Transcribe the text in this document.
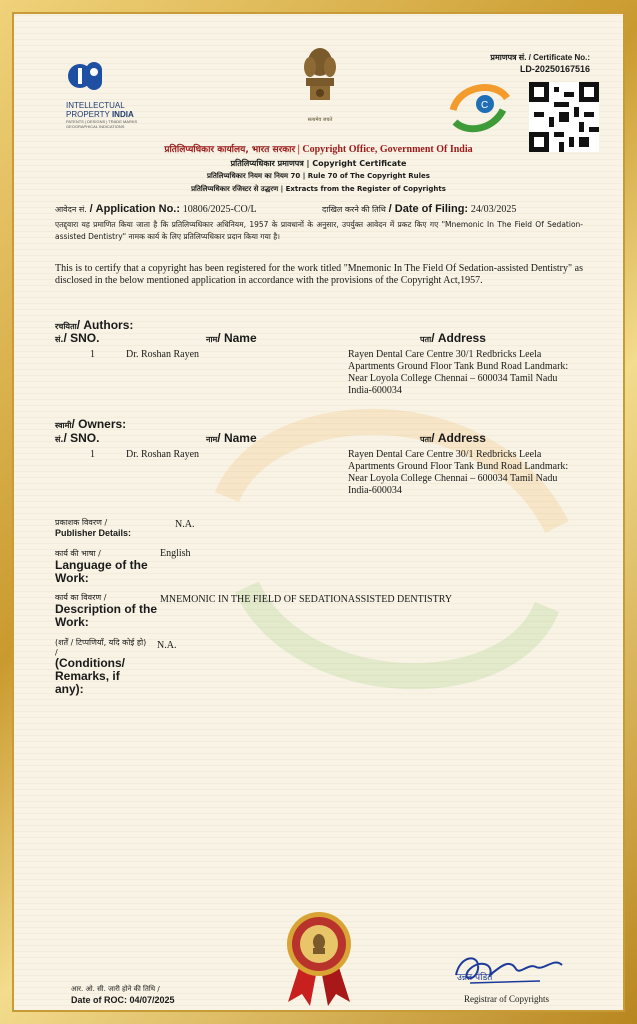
INTELLECTUAL
PROPERTY INDIA
PATENTS | DESIGNS | TRADE MARKS
GEOGRAPHICAL INDICATIONS
सत्यमेव जयते
प्रमाणपत्र सं. / Certificate No.:
LD-20250167516
C
प्रतिलिप्यधिकार कार्यालय, भारत सरकार | Copyright Office, Government Of India
प्रतिलिप्यधिकार प्रमाणपत्र | Copyright Certificate
प्रतिलिप्यधिकार नियम का नियम 70 | Rule 70 of The Copyright Rules
प्रतिलिप्यधिकार रजिस्टर से उद्धरण | Extracts from the Register of Copyrights
आवेदन सं. / Application No.: 10806/2025-CO/L	दाखिल करने की तिथि / Date of Filing: 24/03/2025
एतद्द्वारा यह प्रमाणित किया जाता है कि प्रतिलिप्यधिकार अधिनियम, 1957 के प्रावधानों के अनुसार, उपर्युक्त आवेदन में प्रकट किए गए "Mnemonic In The Field Of Sedation-assisted Dentistry" नामक कार्य के लिए प्रतिलिप्यधिकार प्रदान किया गया है।
This is to certify that a copyright has been registered for the work titled "Mnemonic In The Field Of Sedation-assisted Dentistry" as disclosed in the below mentioned application in accordance with the provisions of the Copyright Act,1957.
रचयिता/ Authors:
सं./ SNO.	नाम/ Name	पता/ Address
1	Dr. Roshan Rayen	Rayen Dental Care Centre 30/1 Redbricks Leela Apartments Ground Floor Tank Bund Road Landmark: Near Loyola College Chennai – 600034 Tamil Nadu India-600034
स्वामी/ Owners:
सं./ SNO.	नाम/ Name	पता/ Address
1	Dr. Roshan Rayen	Rayen Dental Care Centre 30/1 Redbricks Leela Apartments Ground Floor Tank Bund Road Landmark: Near Loyola College Chennai – 600034 Tamil Nadu India-600034
प्रकाशक विवरण /
Publisher Details:
N.A.
कार्य की भाषा /
Language of the Work:
English
कार्य का विवरण /
Description of the Work:
MNEMONIC IN THE FIELD OF SEDATIONASSISTED DENTISTRY
(शर्तें / टिप्पणियाँ, यदि कोई हो) /
(Conditions/ Remarks, if any):
N.A.
उन्नत पंडित
Registrar of Copyrights
आर. ओ. सी. जारी होने की तिथि /
Date of ROC: 04/07/2025
